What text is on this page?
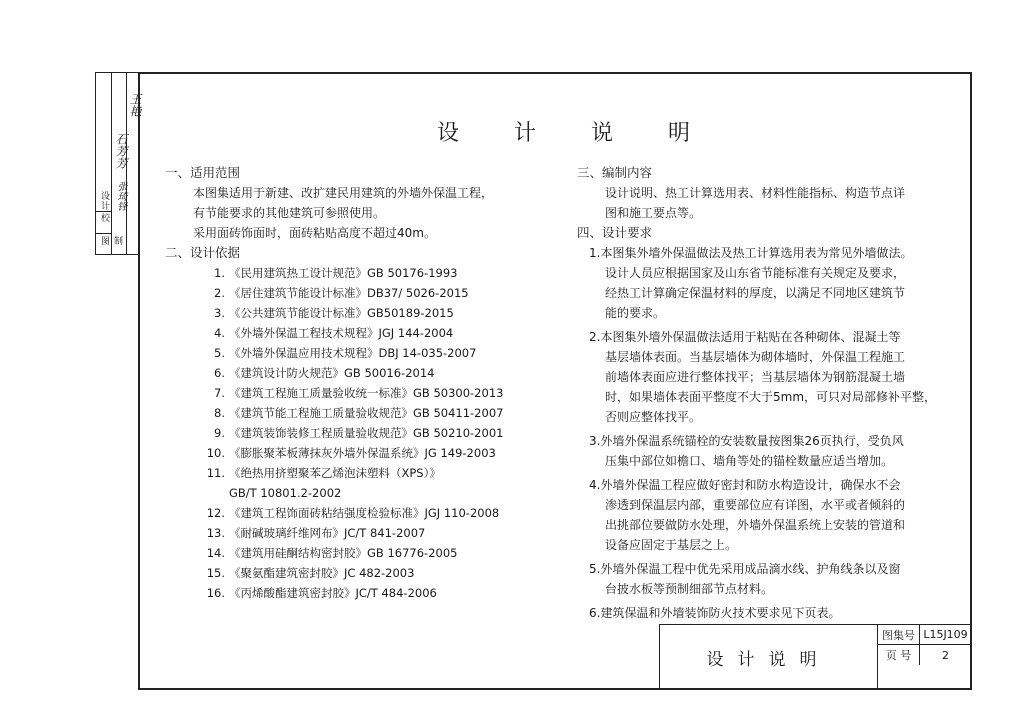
校
设计
制图
石芳芳
张琦锋
王艳
设 计 说 明
一、适用范围
本图集适用于新建、改扩建民用建筑的外墙外保温工程，
有节能要求的其他建筑可参照使用。
采用面砖饰面时，面砖粘贴高度不超过40m。
二、设计依据
1. 《民用建筑热工设计规范》GB 50176-1993
2. 《居住建筑节能设计标准》DB37/ 5026-2015
3. 《公共建筑节能设计标准》GB50189-2015
4. 《外墙外保温工程技术规程》JGJ 144-2004
5. 《外墙外保温应用技术规程》DBJ 14-035-2007
6. 《建筑设计防火规范》GB 50016-2014
7. 《建筑工程施工质量验收统一标准》GB 50300-2013
8. 《建筑节能工程施工质量验收规范》GB 50411-2007
9. 《建筑装饰装修工程质量验收规范》GB 50210-2001
10. 《膨胀聚苯板薄抹灰外墙外保温系统》JG 149-2003
11. 《绝热用挤塑聚苯乙烯泡沫塑料（XPS）》
GB/T 10801.2-2002
12. 《建筑工程饰面砖粘结强度检验标准》JGJ 110-2008
13. 《耐碱玻璃纤维网布》JC/T 841-2007
14. 《建筑用硅酮结构密封胶》GB 16776-2005
15. 《聚氨酯建筑密封胶》JC 482-2003
16. 《丙烯酸酯建筑密封胶》JC/T 484-2006
三、编制内容
设计说明、热工计算选用表、材料性能指标、构造节点详
图和施工要点等。
四、设计要求
1.本图集外墙外保温做法及热工计算选用表为常见外墙做法。
设计人员应根据国家及山东省节能标准有关规定及要求，
经热工计算确定保温材料的厚度，以满足不同地区建筑节
能的要求。
2.本图集外墙外保温做法适用于粘贴在各种砌体、混凝土等
基层墙体表面。当基层墙体为砌体墙时，外保温工程施工
前墙体表面应进行整体找平；当基层墙体为钢筋混凝土墙
时，如果墙体表面平整度不大于5mm，可只对局部修补平整，
否则应整体找平。
3.外墙外保温系统锚栓的安装数量按图集26页执行，受负风
压集中部位如檐口、墙角等处的锚栓数量应适当增加。
4.外墙外保温工程应做好密封和防水构造设计，确保水不会
渗透到保温层内部，重要部位应有详图，水平或者倾斜的
出挑部位要做防水处理，外墙外保温系统上安装的管道和
设备应固定于基层之上。
5.外墙外保温工程中优先采用成品滴水线、护角线条以及窗
台披水板等预制细部节点材料。
6.建筑保温和外墙装饰防火技术要求见下页表。
设计说明
图集号 L15J109
页 号	2
